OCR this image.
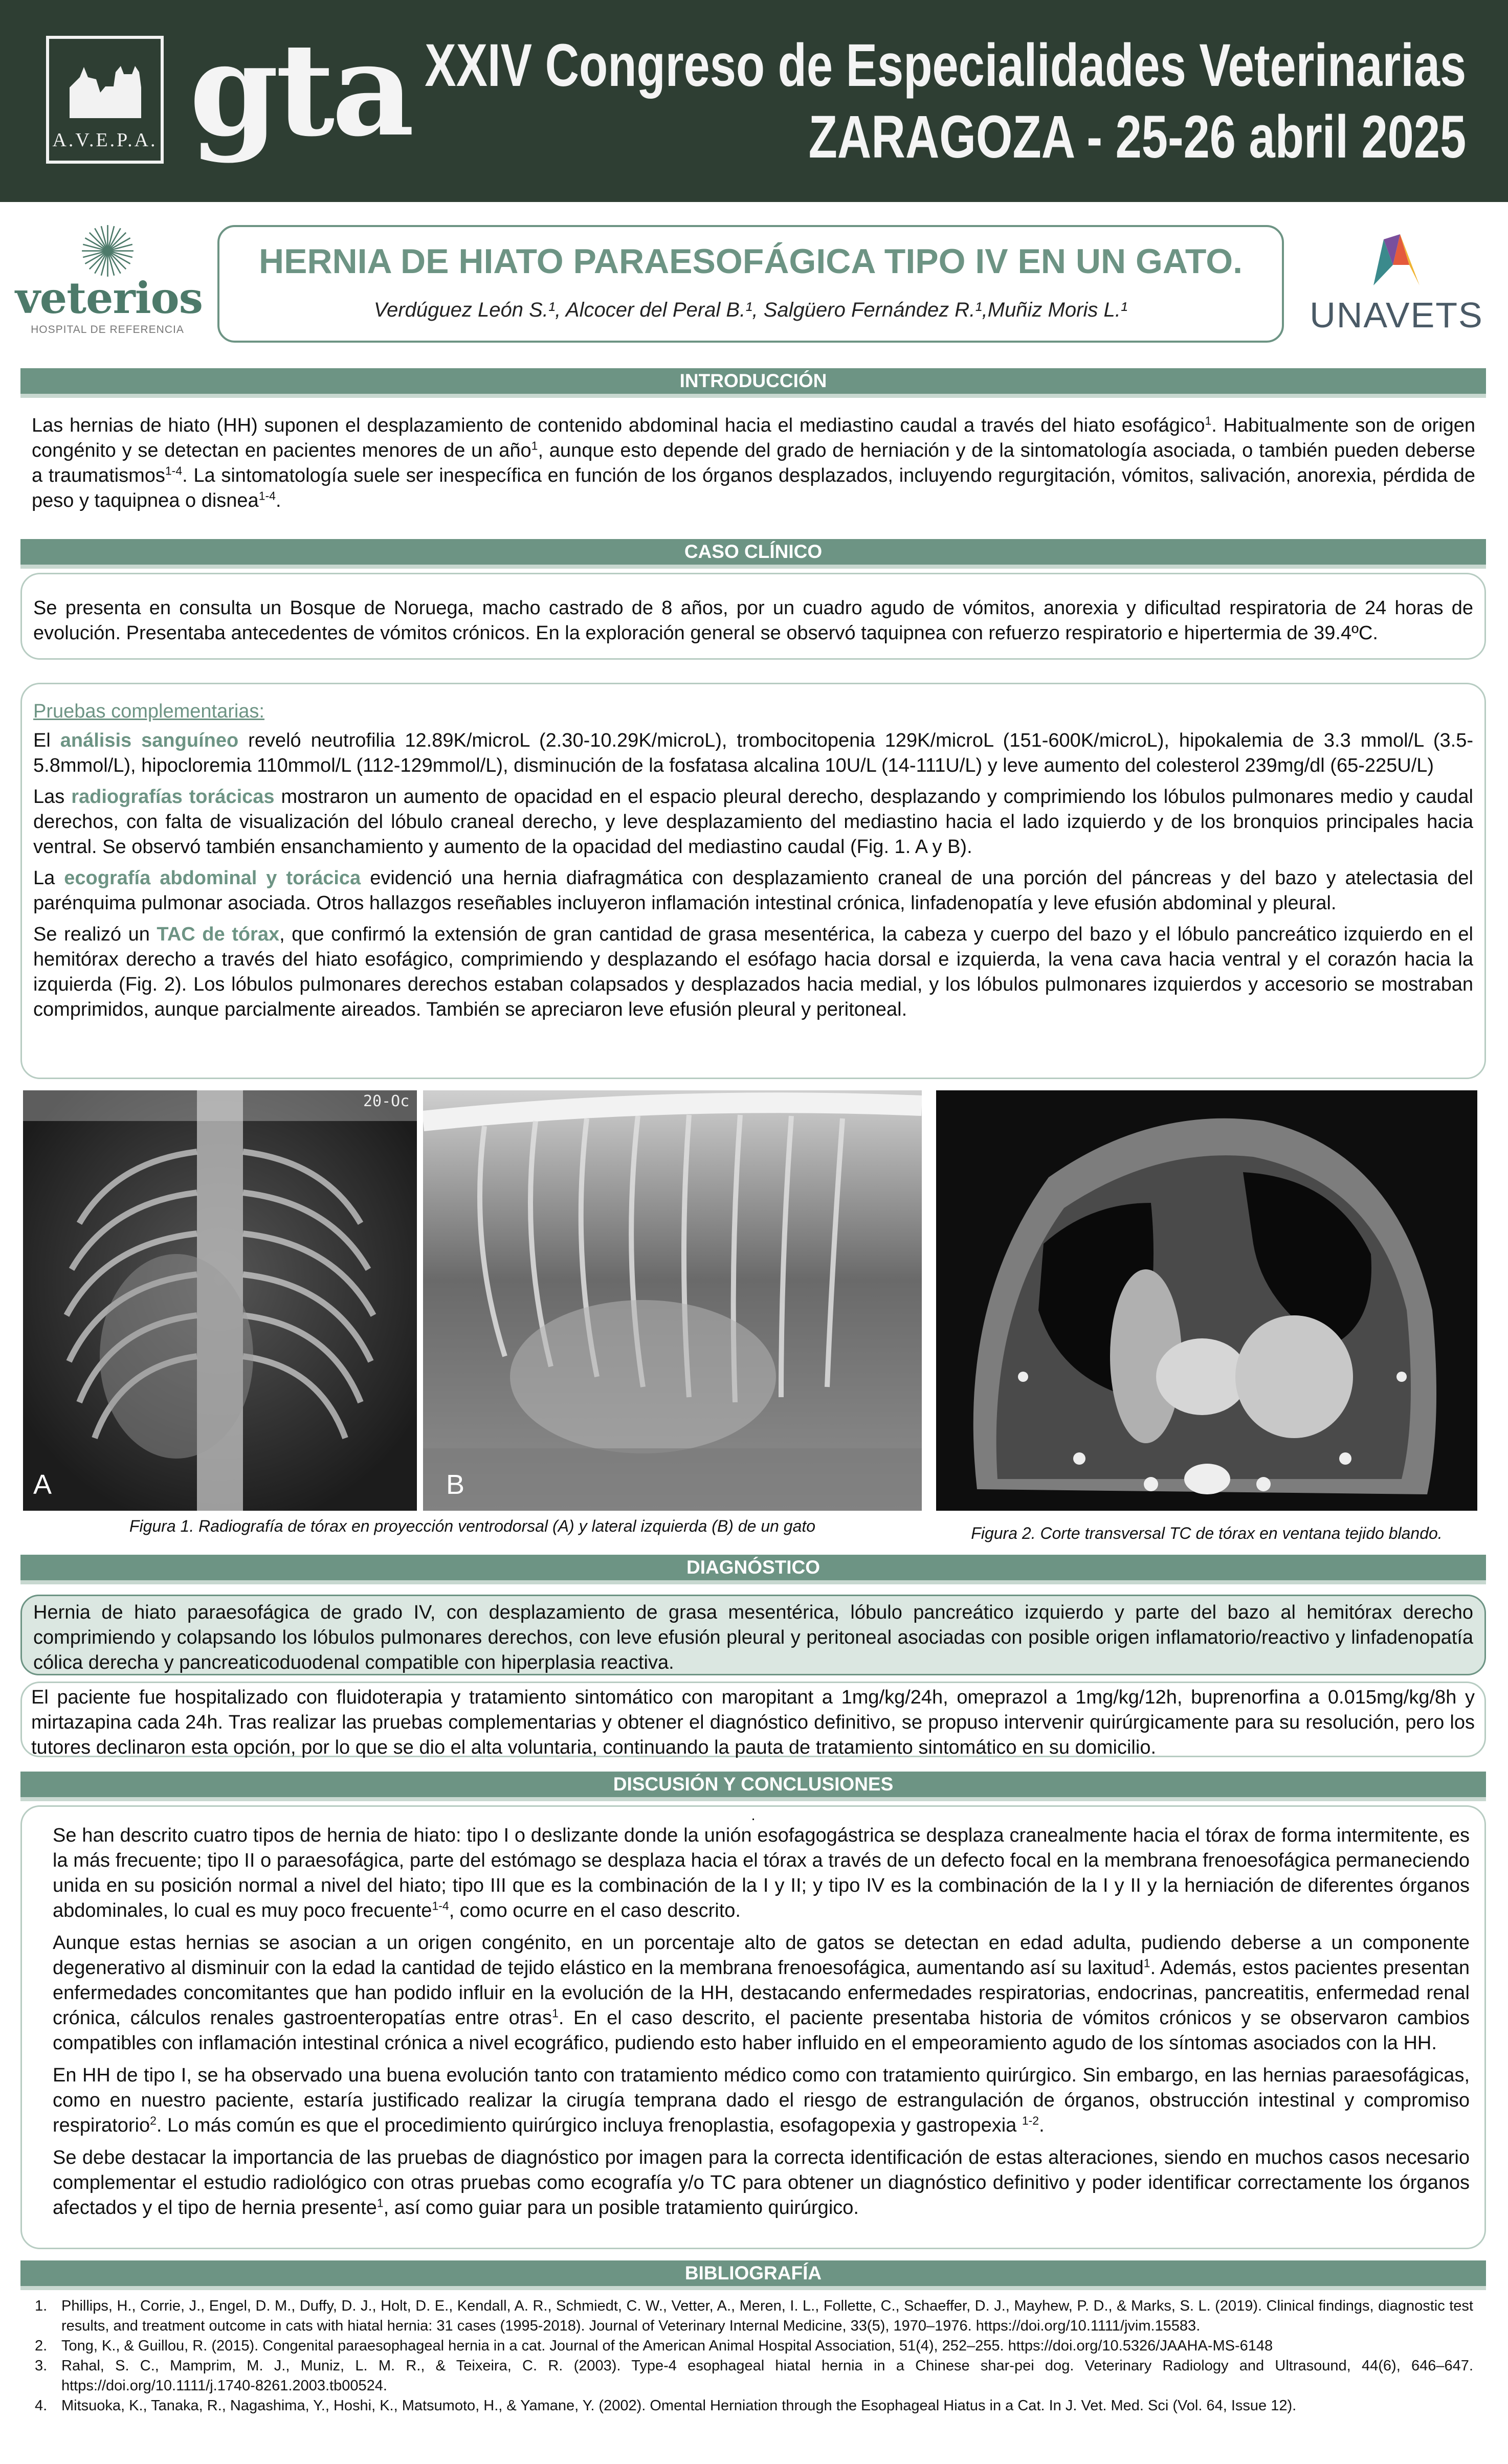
A.V.E.P.A. gta XXIV Congreso de Especialidades Veterinarias
ZARAGOZA - 25-26 abril 2025
veterios
HOSPITAL DE REFERENCIA
HERNIA DE HIATO PARAESOFÁGICA TIPO IV EN UN GATO.
Verdúguez León S.¹, Alcocer del Peral B.¹, Salgüero Fernández R.¹,Muñiz Moris L.¹	UNAVETS
INTRODUCCIÓN
Las hernias de hiato (HH) suponen el desplazamiento de contenido abdominal hacia el mediastino caudal a través del hiato esofágico$^1$. Habitualmente son de origen congénito y se detectan en pacientes menores de un año$^1$, aunque esto depende del grado de herniación y de la sintomatología asociada, o también pueden deberse a traumatismos$^{1-4}$. La sintomatología suele ser inespecífica en función de los órganos desplazados, incluyendo regurgitación, vómitos, salivación, anorexia, pérdida de peso y taquipnea o disnea$^{1-4}$.
CASO CLÍNICO
Se presenta en consulta un Bosque de Noruega, macho castrado de 8 años, por un cuadro agudo de vómitos, anorexia y dificultad respiratoria de 24 horas de evolución. Presentaba antecedentes de vómitos crónicos. En la exploración general se observó taquipnea con refuerzo respiratorio e hipertermia de 39.4ºC.
Pruebas complementarias:
El análisis sanguíneo reveló neutrofilia 12.89K/microL (2.30-10.29K/microL), trombocitopenia 129K/microL (151-600K/microL), hipokalemia de 3.3 mmol/L (3.5-5.8mmol/L), hipocloremia 110mmol/L (112-129mmol/L), disminución de la fosfatasa alcalina 10U/L (14-111U/L) y leve aumento del colesterol 239mg/dl (65-225U/L)
Las radiografías torácicas mostraron un aumento de opacidad en el espacio pleural derecho, desplazando y comprimiendo los lóbulos pulmonares medio y caudal derechos, con falta de visualización del lóbulo craneal derecho, y leve desplazamiento del mediastino hacia el lado izquierdo y de los bronquios principales hacia ventral. Se observó también ensanchamiento y aumento de la opacidad del mediastino caudal (Fig. 1. A y B).
La ecografía abdominal y torácica evidenció una hernia diafragmática con desplazamiento craneal de una porción del páncreas y del bazo y atelectasia del parénquima pulmonar asociada. Otros hallazgos reseñables incluyeron inflamación intestinal crónica, linfadenopatía y leve efusión abdominal y pleural.
Se realizó un TAC de tórax, que confirmó la extensión de gran cantidad de grasa mesentérica, la cabeza y cuerpo del bazo y el lóbulo pancreático izquierdo en el hemitórax derecho a través del hiato esofágico, comprimiendo y desplazando el esófago hacia dorsal e izquierda, la vena cava hacia ventral y el corazón hacia la izquierda (Fig. 2). Los lóbulos pulmonares derechos estaban colapsados y desplazados hacia medial, y los lóbulos pulmonares izquierdos y accesorio se mostraban comprimidos, aunque parcialmente aireados. También se apreciaron leve efusión pleural y peritoneal.
20-Oc
A	B
Figura 1. Radiografía de tórax en proyección ventrodorsal (A) y lateral izquierda (B) de un gato	Figura 2. Corte transversal TC de tórax en ventana tejido blando.
DIAGNÓSTICO
Hernia de hiato paraesofágica de grado IV, con desplazamiento de grasa mesentérica, lóbulo pancreático izquierdo y parte del bazo al hemitórax derecho comprimiendo y colapsando los lóbulos pulmonares derechos, con leve efusión pleural y peritoneal asociadas con posible origen inflamatorio/reactivo y linfadenopatía cólica derecha y pancreaticoduodenal compatible con hiperplasia reactiva.
El paciente fue hospitalizado con fluidoterapia y tratamiento sintomático con maropitant a 1mg/kg/24h, omeprazol a 1mg/kg/12h, buprenorfina a 0.015mg/kg/8h y mirtazapina cada 24h. Tras realizar las pruebas complementarias y obtener el diagnóstico definitivo, se propuso intervenir quirúrgicamente para su resolución, pero los tutores declinaron esta opción, por lo que se dio el alta voluntaria, continuando la pauta de tratamiento sintomático en su domicilio.
DISCUSIÓN Y CONCLUSIONES
.
Se han descrito cuatro tipos de hernia de hiato: tipo I o deslizante donde la unión esofagogástrica se desplaza cranealmente hacia el tórax de forma intermitente, es la más frecuente; tipo II o paraesofágica, parte del estómago se desplaza hacia el tórax a través de un defecto focal en la membrana frenoesofágica permaneciendo unida en su posición normal a nivel del hiato; tipo III que es la combinación de la I y II; y tipo IV es la combinación de la I y II y la herniación de diferentes órganos abdominales, lo cual es muy poco frecuente$^{1-4}$, como ocurre en el caso descrito.
Aunque estas hernias se asocian a un origen congénito, en un porcentaje alto de gatos se detectan en edad adulta, pudiendo deberse a un componente degenerativo al disminuir con la edad la cantidad de tejido elástico en la membrana frenoesofágica, aumentando así su laxitud$^1$. Además, estos pacientes presentan enfermedades concomitantes que han podido influir en la evolución de la HH, destacando enfermedades respiratorias, endocrinas, pancreatitis, enfermedad renal crónica, cálculos renales gastroenteropatías entre otras$^1$. En el caso descrito, el paciente presentaba historia de vómitos crónicos y se observaron cambios compatibles con inflamación intestinal crónica a nivel ecográfico, pudiendo esto haber influido en el empeoramiento agudo de los síntomas asociados con la HH.
En HH de tipo I, se ha observado una buena evolución tanto con tratamiento médico como con tratamiento quirúrgico. Sin embargo, en las hernias paraesofágicas, como en nuestro paciente, estaría justificado realizar la cirugía temprana dado el riesgo de estrangulación de órganos, obstrucción intestinal y compromiso respiratorio$^2$. Lo más común es que el procedimiento quirúrgico incluya frenoplastia, esofagopexia y gastropexia $^{1-2}$.
Se debe destacar la importancia de las pruebas de diagnóstico por imagen para la correcta identificación de estas alteraciones, siendo en muchos casos necesario complementar el estudio radiológico con otras pruebas como ecografía y/o TC para obtener un diagnóstico definitivo y poder identificar correctamente los órganos afectados y el tipo de hernia presente$^1$, así como guiar para un posible tratamiento quirúrgico.
BIBLIOGRAFÍA
1. Phillips, H., Corrie, J., Engel, D. M., Duffy, D. J., Holt, D. E., Kendall, A. R., Schmiedt, C. W., Vetter, A., Meren, I. L., Follette, C., Schaeffer, D. J., Mayhew, P. D., & Marks, S. L. (2019). Clinical findings, diagnostic test results, and treatment outcome in cats with hiatal hernia: 31 cases (1995-2018). Journal of Veterinary Internal Medicine, 33(5), 1970–1976. https://doi.org/10.1111/jvim.15583.
2. Tong, K., & Guillou, R. (2015). Congenital paraesophageal hernia in a cat. Journal of the American Animal Hospital Association, 51(4), 252–255. https://doi.org/10.5326/JAAHA-MS-6148
3. Rahal, S. C., Mamprim, M. J., Muniz, L. M. R., & Teixeira, C. R. (2003). Type-4 esophageal hiatal hernia in a Chinese shar-pei dog. Veterinary Radiology and Ultrasound, 44(6), 646–647. https://doi.org/10.1111/j.1740-8261.2003.tb00524.
4. Mitsuoka, K., Tanaka, R., Nagashima, Y., Hoshi, K., Matsumoto, H., & Yamane, Y. (2002). Omental Herniation through the Esophageal Hiatus in a Cat. In J. Vet. Med. Sci (Vol. 64, Issue 12).
